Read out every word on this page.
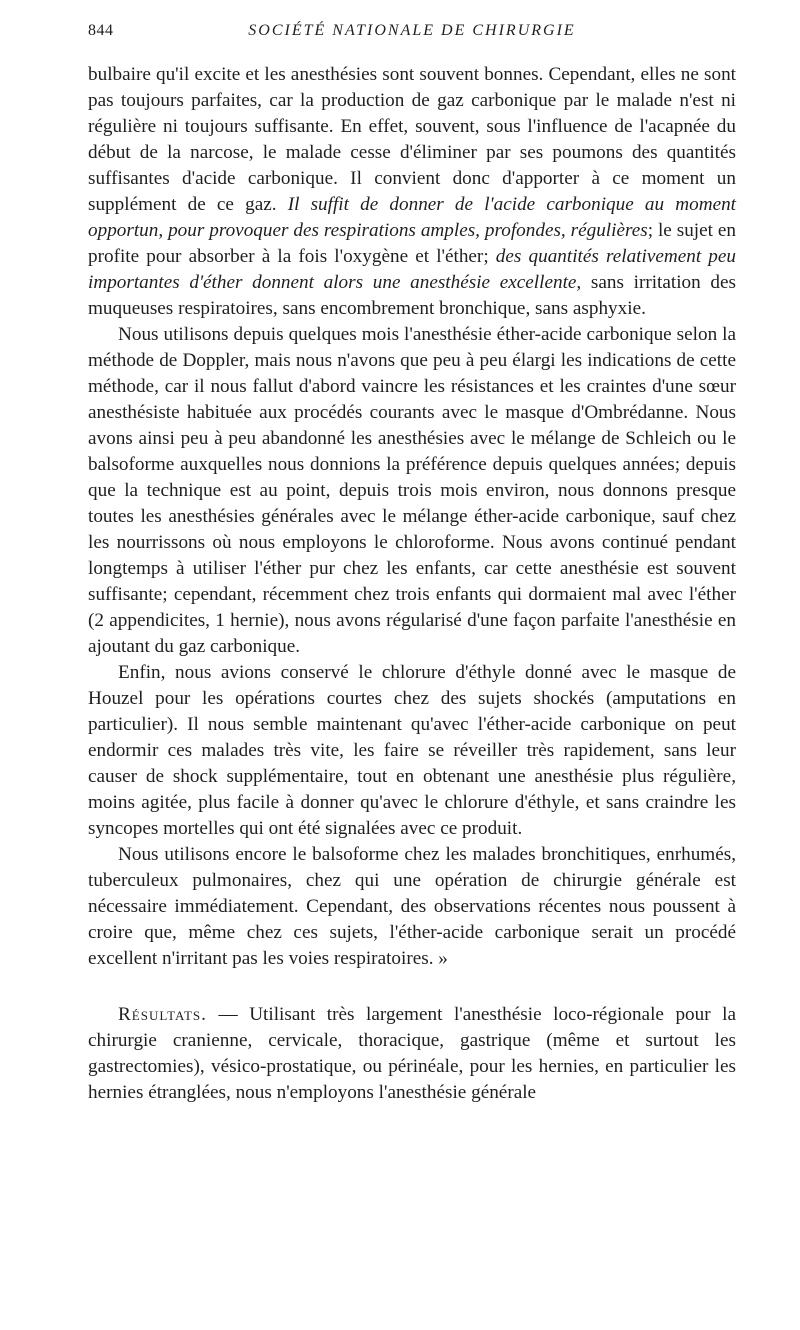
844	SOCIÉTÉ NATIONALE DE CHIRURGIE

bulbaire qu'il excite et les anesthésies sont souvent bonnes. Cependant, elles ne sont pas toujours parfaites, car la production de gaz carbonique par le malade n'est ni régulière ni toujours suffisante. En effet, souvent, sous l'influence de l'acapnée du début de la narcose, le malade cesse d'éliminer par ses poumons des quantités suffisantes d'acide carbonique. Il convient donc d'apporter à ce moment un supplément de ce gaz. Il suffit de donner de l'acide carbonique au moment opportun, pour provoquer des respirations amples, profondes, régulières; le sujet en profite pour absorber à la fois l'oxygène et l'éther; des quantités relativement peu importantes d'éther donnent alors une anesthésie excellente, sans irritation des muqueuses respiratoires, sans encombrement bronchique, sans asphyxie.

Nous utilisons depuis quelques mois l'anesthésie éther-acide carbonique selon la méthode de Doppler, mais nous n'avons que peu à peu élargi les indications de cette méthode, car il nous fallut d'abord vaincre les résistances et les craintes d'une sœur anesthésiste habituée aux procédés courants avec le masque d'Ombrédanne. Nous avons ainsi peu à peu abandonné les anesthésies avec le mélange de Schleich ou le balsoforme auxquelles nous donnions la préférence depuis quelques années; depuis que la technique est au point, depuis trois mois environ, nous donnons presque toutes les anesthésies générales avec le mélange éther-acide carbonique, sauf chez les nourrissons où nous employons le chloroforme. Nous avons continué pendant longtemps à utiliser l'éther pur chez les enfants, car cette anesthésie est souvent suffisante; cependant, récemment chez trois enfants qui dormaient mal avec l'éther (2 appendicites, 1 hernie), nous avons régularisé d'une façon parfaite l'anesthésie en ajoutant du gaz carbonique.

Enfin, nous avions conservé le chlorure d'éthyle donné avec le masque de Houzel pour les opérations courtes chez des sujets shockés (amputations en particulier). Il nous semble maintenant qu'avec l'éther-acide carbonique on peut endormir ces malades très vite, les faire se réveiller très rapidement, sans leur causer de shock supplémentaire, tout en obtenant une anesthésie plus régulière, moins agitée, plus facile à donner qu'avec le chlorure d'éthyle, et sans craindre les syncopes mortelles qui ont été signalées avec ce produit.

Nous utilisons encore le balsoforme chez les malades bronchitiques, enrhumés, tuberculeux pulmonaires, chez qui une opération de chirurgie générale est nécessaire immédiatement. Cependant, des observations récentes nous poussent à croire que, même chez ces sujets, l'éther-acide carbonique serait un procédé excellent n'irritant pas les voies respiratoires. »

Résultats. — Utilisant très largement l'anesthésie loco-régionale pour la chirurgie cranienne, cervicale, thoracique, gastrique (même et surtout les gastrectomies), vésico-prostatique, ou périnéale, pour les hernies, en particulier les hernies étranglées, nous n'employons l'anesthésie générale
